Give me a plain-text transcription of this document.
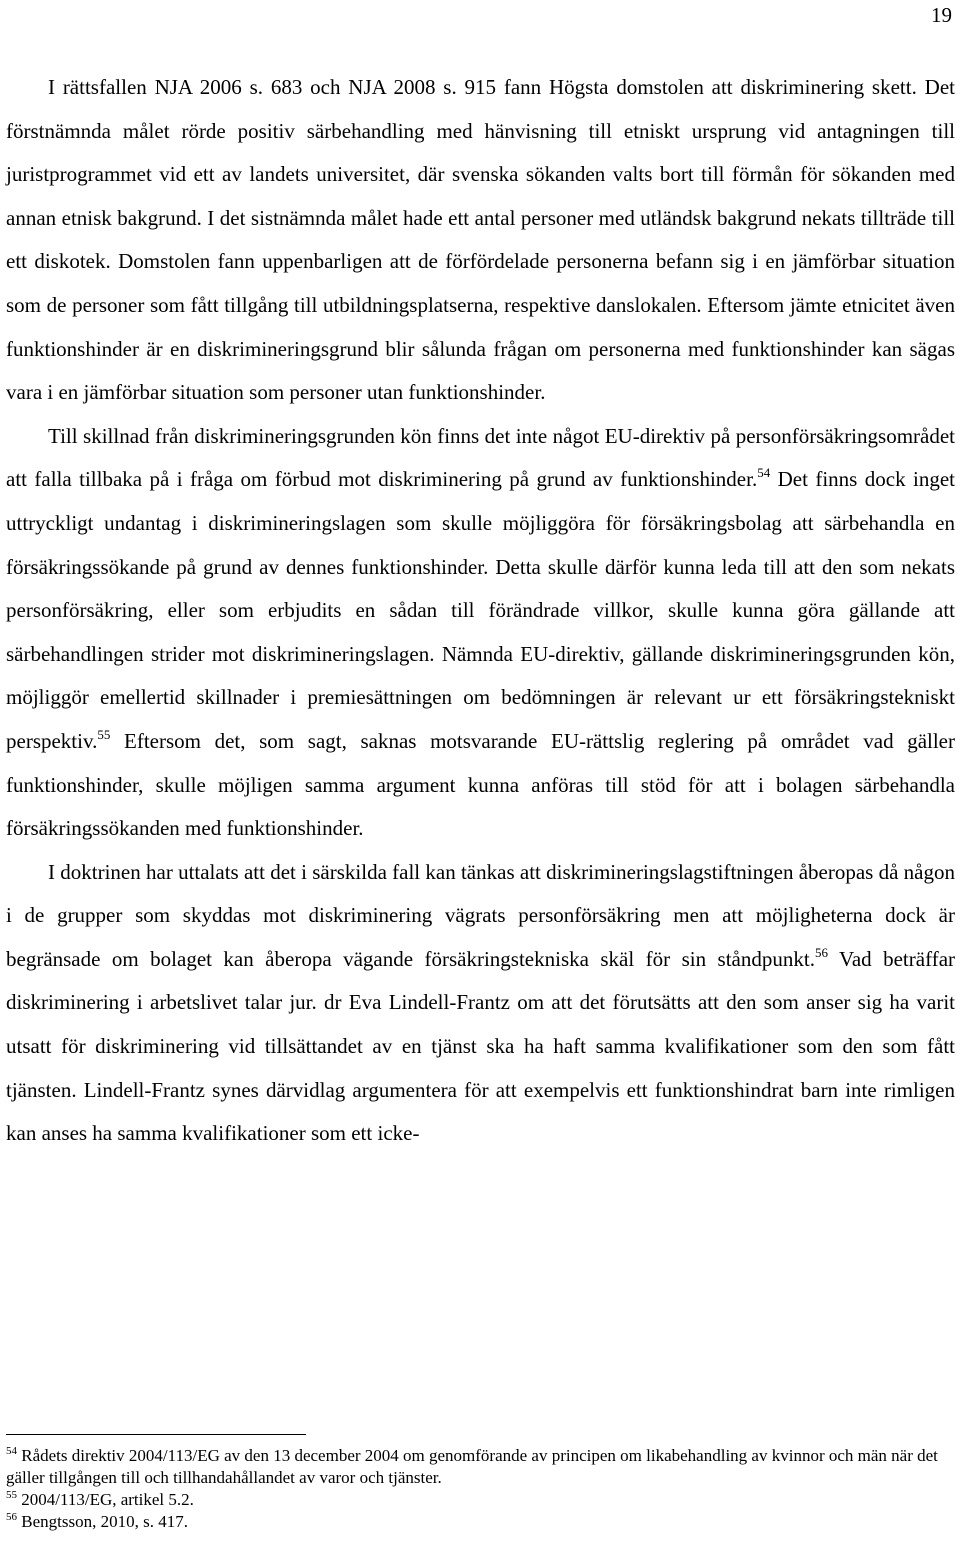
19

I rättsfallen NJA 2006 s. 683 och NJA 2008 s. 915 fann Högsta domstolen att diskriminering skett. Det förstnämnda målet rörde positiv särbehandling med hänvisning till etniskt ursprung vid antagningen till juristprogrammet vid ett av landets universitet, där svenska sökanden valts bort till förmån för sökanden med annan etnisk bakgrund. I det sistnämnda målet hade ett antal personer med utländsk bakgrund nekats tillträde till ett diskotek. Domstolen fann uppenbarligen att de förfördelade personerna befann sig i en jämförbar situation som de personer som fått tillgång till utbildningsplatserna, respektive danslokalen. Eftersom jämte etnicitet även funktionshinder är en diskrimineringsgrund blir sålunda frågan om personerna med funktionshinder kan sägas vara i en jämförbar situation som personer utan funktionshinder.

Till skillnad från diskrimineringsgrunden kön finns det inte något EU-direktiv på personförsäkringsområdet att falla tillbaka på i fråga om förbud mot diskriminering på grund av funktionshinder.$^{54}$ Det finns dock inget uttryckligt undantag i diskrimineringslagen som skulle möjliggöra för försäkringsbolag att särbehandla en försäkringssökande på grund av dennes funktionshinder. Detta skulle därför kunna leda till att den som nekats personförsäkring, eller som erbjudits en sådan till förändrade villkor, skulle kunna göra gällande att särbehandlingen strider mot diskrimineringslagen. Nämnda EU-direktiv, gällande diskrimineringsgrunden kön, möjliggör emellertid skillnader i premiesättningen om bedömningen är relevant ur ett försäkringstekniskt perspektiv.$^{55}$ Eftersom det, som sagt, saknas motsvarande EU-rättslig reglering på området vad gäller funktionshinder, skulle möjligen samma argument kunna anföras till stöd för att i bolagen särbehandla försäkringssökanden med funktionshinder.

I doktrinen har uttalats att det i särskilda fall kan tänkas att diskrimineringslagstiftningen åberopas då någon i de grupper som skyddas mot diskriminering vägrats personförsäkring men att möjligheterna dock är begränsade om bolaget kan åberopa vägande försäkringstekniska skäl för sin ståndpunkt.$^{56}$ Vad beträffar diskriminering i arbetslivet talar jur. dr Eva Lindell-Frantz om att det förutsätts att den som anser sig ha varit utsatt för diskriminering vid tillsättandet av en tjänst ska ha haft samma kvalifikationer som den som fått tjänsten. Lindell-Frantz synes därvidlag argumentera för att exempelvis ett funktionshindrat barn inte rimligen kan anses ha samma kvalifikationer som ett icke-

$^{54}$ Rådets direktiv 2004/113/EG av den 13 december 2004 om genomförande av principen om likabehandling av kvinnor och män när det gäller tillgången till och tillhandahållandet av varor och tjänster.

$^{55}$ 2004/113/EG, artikel 5.2.

$^{56}$ Bengtsson, 2010, s. 417.
